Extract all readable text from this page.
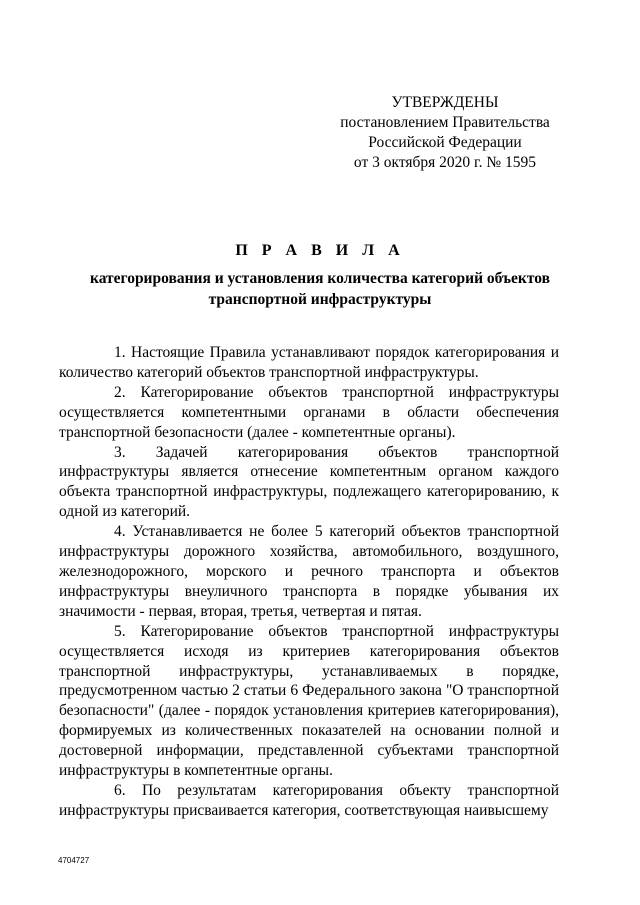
УТВЕРЖДЕНЫ
постановлением Правительства
Российской Федерации
от 3 октября 2020 г. № 1595
П Р А В И Л А
категорирования и установления количества категорий объектов
транспортной инфраструктуры

1. Настоящие Правила устанавливают порядок категорирования и количество категорий объектов транспортной инфраструктуры.

2. Категорирование объектов транспортной инфраструктуры осуществляется компетентными органами в области обеспечения транспортной безопасности (далее - компетентные органы).

3. Задачей категорирования объектов транспортной инфраструктуры является отнесение компетентным органом каждого объекта транспортной инфраструктуры, подлежащего категорированию, к одной из категорий.

4. Устанавливается не более 5 категорий объектов транспортной инфраструктуры дорожного хозяйства, автомобильного, воздушного, железнодорожного, морского и речного транспорта и объектов инфраструктуры внеуличного транспорта в порядке убывания их значимости - первая, вторая, третья, четвертая и пятая.

5. Категорирование объектов транспортной инфраструктуры осуществляется исходя из критериев категорирования объектов транспортной инфраструктуры, устанавливаемых в порядке, предусмотренном частью 2 статьи 6 Федерального закона "О транспортной безопасности" (далее - порядок установления критериев категорирования), формируемых из количественных показателей на основании полной и достоверной информации, представленной субъектами транспортной инфраструктуры в компетентные органы.

6. По результатам категорирования объекту транспортной инфраструктуры присваивается категория, соответствующая наивысшему

4704727
